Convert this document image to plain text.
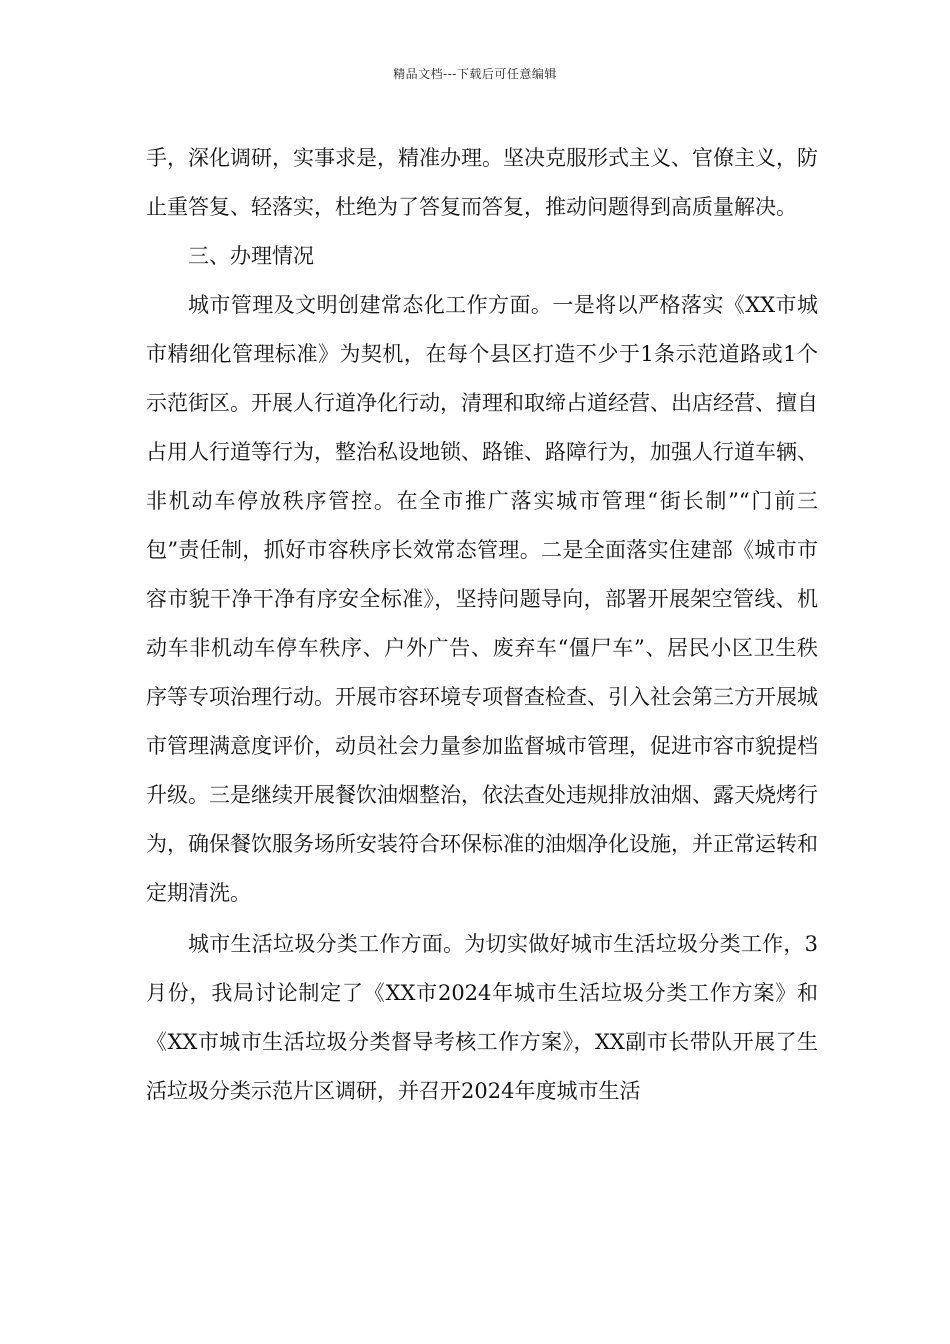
精品文档---下载后可任意编辑

手，深化调研，实事求是，精准办理。坚决克服形式主义、官僚主义，防止重答复、轻落实，杜绝为了答复而答复，推动问题得到高质量解决。

三、办理情况

城市管理及文明创建常态化工作方面。一是将以严格落实《XX市城市精细化管理标准》为契机，在每个县区打造不少于1条示范道路或1个示范街区。开展人行道净化行动，清理和取缔占道经营、出店经营、擅自占用人行道等行为，整治私设地锁、路锥、路障行为，加强人行道车辆、非机动车停放秩序管控。在全市推广落实城市管理“街长制”“门前三包”责任制，抓好市容秩序长效常态管理。二是全面落实住建部《城市市容市貌干净干净有序安全标准》，坚持问题导向，部署开展架空管线、机动车非机动车停车秩序、户外广告、废弃车“僵尸车”、居民小区卫生秩序等专项治理行动。开展市容环境专项督查检查、引入社会第三方开展城市管理满意度评价，动员社会力量参加监督城市管理，促进市容市貌提档升级。三是继续开展餐饮油烟整治，依法查处违规排放油烟、露天烧烤行为，确保餐饮服务场所安装符合环保标准的油烟净化设施，并正常运转和定期清洗。

城市生活垃圾分类工作方面。为切实做好城市生活垃圾分类工作，3月份，我局讨论制定了《XX市2024年城市生活垃圾分类工作方案》和《XX市城市生活垃圾分类督导考核工作方案》，XX副市长带队开展了生活垃圾分类示范片区调研，并召开2024年度城市生活
